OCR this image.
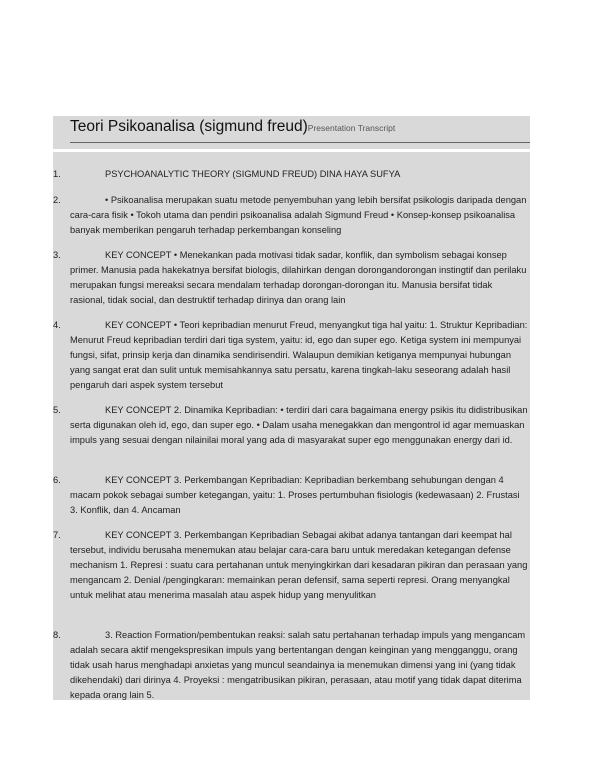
Teori Psikoanalisa (sigmund freud)Presentation Transcript
1.	PSYCHOANALYTIC THEORY (SIGMUND FREUD) DINA HAYA SUFYA
2.	• Psikoanalisa merupakan suatu metode penyembuhan yang lebih bersifat psikologis daripada dengan cara-cara fisik • Tokoh utama dan pendiri psikoanalisa adalah Sigmund Freud • Konsep-konsep psikoanalisa banyak memberikan pengaruh terhadap perkembangan konseling
3.	KEY CONCEPT • Menekankan pada motivasi tidak sadar, konflik, dan symbolism sebagai konsep primer. Manusia pada hakekatnya bersifat biologis, dilahirkan dengan dorongandorongan instingtif dan perilaku merupakan fungsi mereaksi secara mendalam terhadap dorongan-dorongan itu. Manusia bersifat tidak rasional, tidak social, dan destruktif terhadap dirinya dan orang lain
4.	KEY CONCEPT • Teori kepribadian menurut Freud, menyangkut tiga hal yaitu: 1. Struktur Kepribadian: Menurut Freud kepribadian terdiri dari tiga system, yaitu: id, ego dan super ego. Ketiga system ini mempunyai fungsi, sifat, prinsip kerja dan dinamika sendirisendiri. Walaupun demikian ketiganya mempunyai hubungan yang sangat erat dan sulit untuk memisahkannya satu persatu, karena tingkah-laku seseorang adalah hasil pengaruh dari aspek system tersebut
5.	KEY CONCEPT 2. Dinamika Kepribadian: • terdiri dari cara bagaimana energy psikis itu didistribusikan serta digunakan oleh id, ego, dan super ego. • Dalam usaha menegakkan dan mengontrol id agar memuaskan impuls yang sesuai dengan nilainilai moral yang ada di masyarakat super ego menggunakan energy dari id.
6.	KEY CONCEPT 3. Perkembangan Kepribadian: Kepribadian berkembang sehubungan dengan 4 macam pokok sebagai sumber ketegangan, yaitu: 1. Proses pertumbuhan fisiologis (kedewasaan) 2. Frustasi 3. Konflik, dan 4. Ancaman
7.	KEY CONCEPT 3. Perkembangan Kepribadian Sebagai akibat adanya tantangan dari keempat hal tersebut, individu berusaha menemukan atau belajar cara-cara baru untuk meredakan ketegangan defense mechanism 1. Represi : suatu cara pertahanan untuk menyingkirkan dari kesadaran pikiran dan perasaan yang mengancam 2. Denial /pengingkaran: memainkan peran defensif, sama seperti represi. Orang menyangkal untuk melihat atau menerima masalah atau aspek hidup yang menyulitkan
8.	3. Reaction Formation/pembentukan reaksi: salah satu pertahanan terhadap impuls yang mengancam adalah secara aktif mengekspresikan impuls yang bertentangan dengan keinginan yang mengganggu, orang tidak usah harus menghadapi anxietas yang muncul seandainya ia menemukan dimensi yang ini (yang tidak dikehendaki) dari dirinya 4. Proyeksi : mengatribusikan pikiran, perasaan, atau motif yang tidak dapat diterima kepada orang lain 5.
